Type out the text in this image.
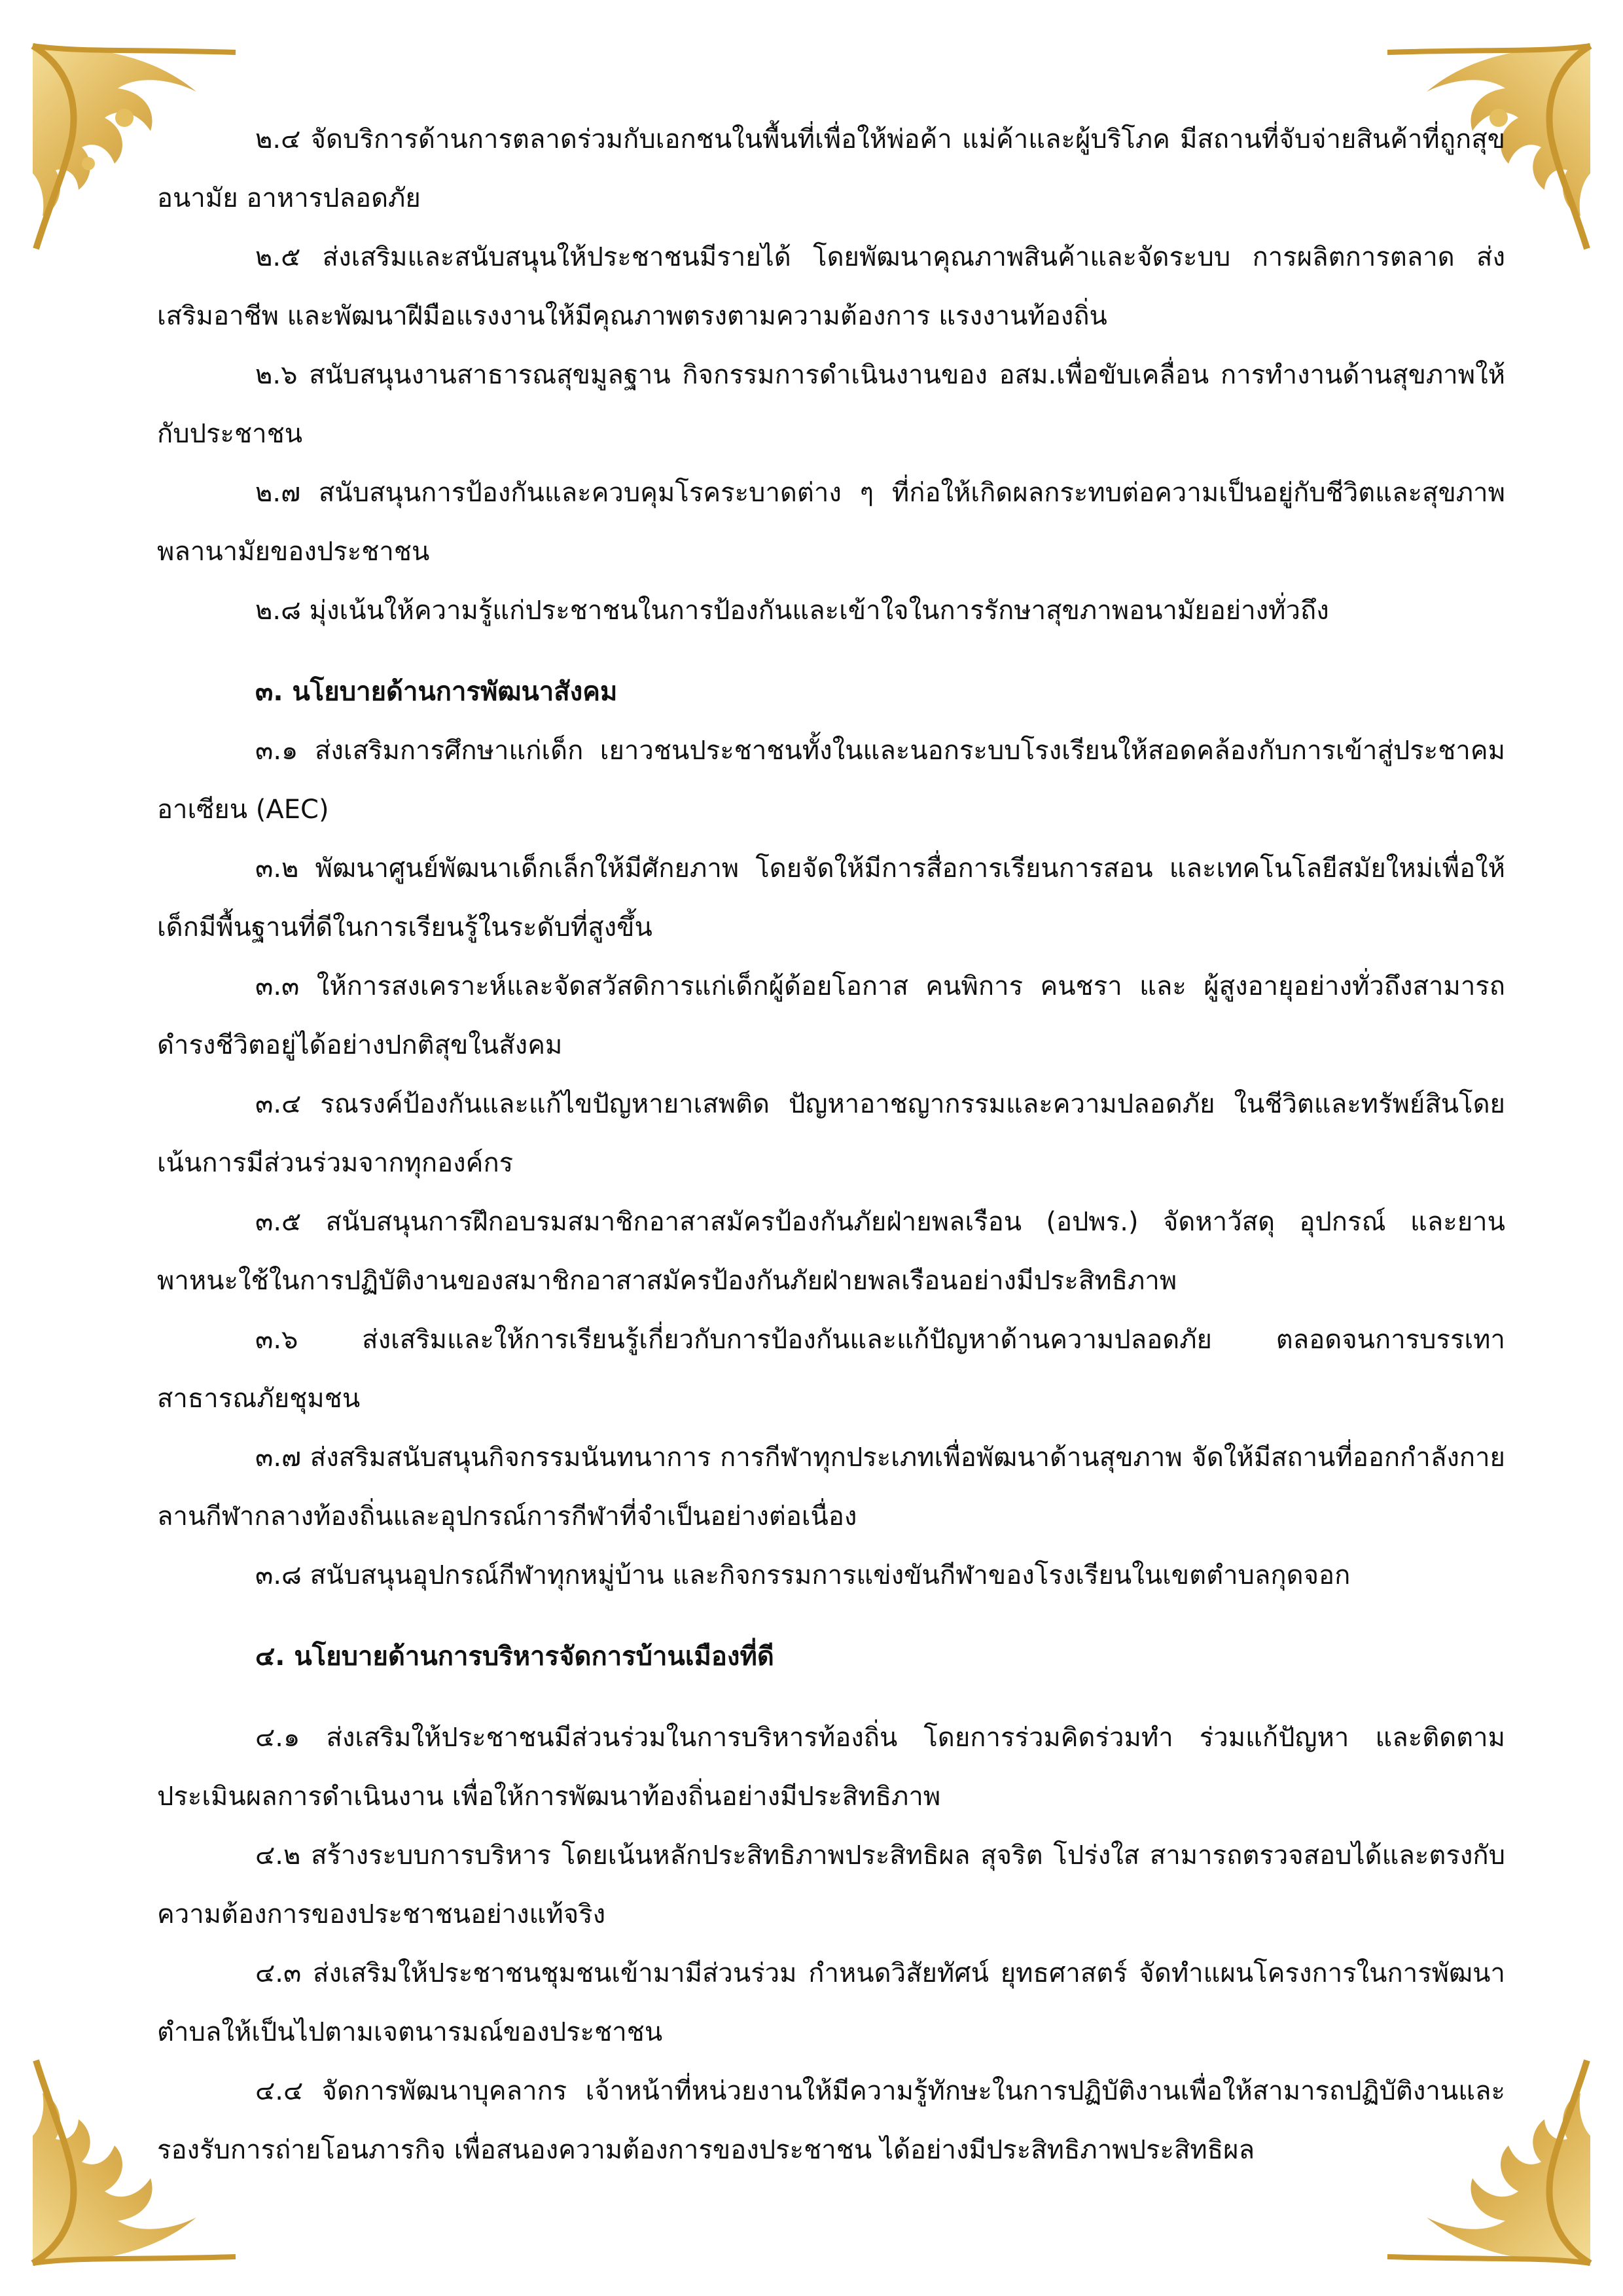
๒.๔ จัดบริการด้านการตลาดร่วมกับเอกชนในพื้นที่เพื่อให้พ่อค้า แม่ค้าและผู้บริโภค มีสถานที่จับจ่ายสินค้าที่ถูกสุขอนามัย อาหารปลอดภัย

๒.๕ ส่งเสริมและสนับสนุนให้ประชาชนมีรายได้ โดยพัฒนาคุณภาพสินค้าและจัดระบบ การผลิตการตลาด ส่งเสริมอาชีพ และพัฒนาฝีมือแรงงานให้มีคุณภาพตรงตามความต้องการ แรงงานท้องถิ่น

๒.๖ สนับสนุนงานสาธารณสุขมูลฐาน กิจกรรมการดำเนินงานของ อสม.เพื่อขับเคลื่อน การทำงานด้านสุขภาพให้กับประชาชน

๒.๗ สนับสนุนการป้องกันและควบคุมโรคระบาดต่าง ๆ ที่ก่อให้เกิดผลกระทบต่อความเป็นอยู่กับชีวิตและสุขภาพพลานามัยของประชาชน

๒.๘ มุ่งเน้นให้ความรู้แก่ประชาชนในการป้องกันและเข้าใจในการรักษาสุขภาพอนามัยอย่างทั่วถึง

๓. นโยบายด้านการพัฒนาสังคม

๓.๑ ส่งเสริมการศึกษาแก่เด็ก เยาวชนประชาชนทั้งในและนอกระบบโรงเรียนให้สอดคล้องกับการเข้าสู่ประชาคมอาเซียน (AEC)

๓.๒ พัฒนาศูนย์พัฒนาเด็กเล็กให้มีศักยภาพ โดยจัดให้มีการสื่อการเรียนการสอน และเทคโนโลยีสมัยใหม่เพื่อให้เด็กมีพื้นฐานที่ดีในการเรียนรู้ในระดับที่สูงขึ้น

๓.๓ ให้การสงเคราะห์และจัดสวัสดิการแก่เด็กผู้ด้อยโอกาส คนพิการ คนชรา และ ผู้สูงอายุอย่างทั่วถึงสามารถดำรงชีวิตอยู่ได้อย่างปกติสุขในสังคม

๓.๔ รณรงค์ป้องกันและแก้ไขปัญหายาเสพติด ปัญหาอาชญากรรมและความปลอดภัย ในชีวิตและทรัพย์สินโดยเน้นการมีส่วนร่วมจากทุกองค์กร

๓.๕ สนับสนุนการฝึกอบรมสมาชิกอาสาสมัครป้องกันภัยฝ่ายพลเรือน (อปพร.) จัดหาวัสดุ อุปกรณ์ และยานพาหนะใช้ในการปฏิบัติงานของสมาชิกอาสาสมัครป้องกันภัยฝ่ายพลเรือนอย่างมีประสิทธิภาพ

๓.๖ ส่งเสริมและให้การเรียนรู้เกี่ยวกับการป้องกันและแก้ปัญหาด้านความปลอดภัย ตลอดจนการบรรเทาสาธารณภัยชุมชน

๓.๗ ส่งสริมสนับสนุนกิจกรรมนันทนาการ การกีฬาทุกประเภทเพื่อพัฒนาด้านสุขภาพ จัดให้มีสถานที่ออกกำลังกาย ลานกีฬากลางท้องถิ่นและอุปกรณ์การกีฬาที่จำเป็นอย่างต่อเนื่อง

๓.๘ สนับสนุนอุปกรณ์กีฬาทุกหมู่บ้าน และกิจกรรมการแข่งขันกีฬาของโรงเรียนในเขตตำบลกุดจอก

๔. นโยบายด้านการบริหารจัดการบ้านเมืองที่ดี

๔.๑ ส่งเสริมให้ประชาชนมีส่วนร่วมในการบริหารท้องถิ่น โดยการร่วมคิดร่วมทำ ร่วมแก้ปัญหา และติดตามประเมินผลการดำเนินงาน เพื่อให้การพัฒนาท้องถิ่นอย่างมีประสิทธิภาพ

๔.๒ สร้างระบบการบริหาร โดยเน้นหลักประสิทธิภาพประสิทธิผล สุจริต โปร่งใส สามารถตรวจสอบได้และตรงกับความต้องการของประชาชนอย่างแท้จริง

๔.๓ ส่งเสริมให้ประชาชนชุมชนเข้ามามีส่วนร่วม กำหนดวิสัยทัศน์ ยุทธศาสตร์ จัดทำแผนโครงการในการพัฒนาตำบลให้เป็นไปตามเจตนารมณ์ของประชาชน

๔.๔ จัดการพัฒนาบุคลากร เจ้าหน้าที่หน่วยงานให้มีความรู้ทักษะในการปฏิบัติงานเพื่อให้สามารถปฏิบัติงานและรองรับการถ่ายโอนภารกิจ เพื่อสนองความต้องการของประชาชน ได้อย่างมีประสิทธิภาพประสิทธิผล
